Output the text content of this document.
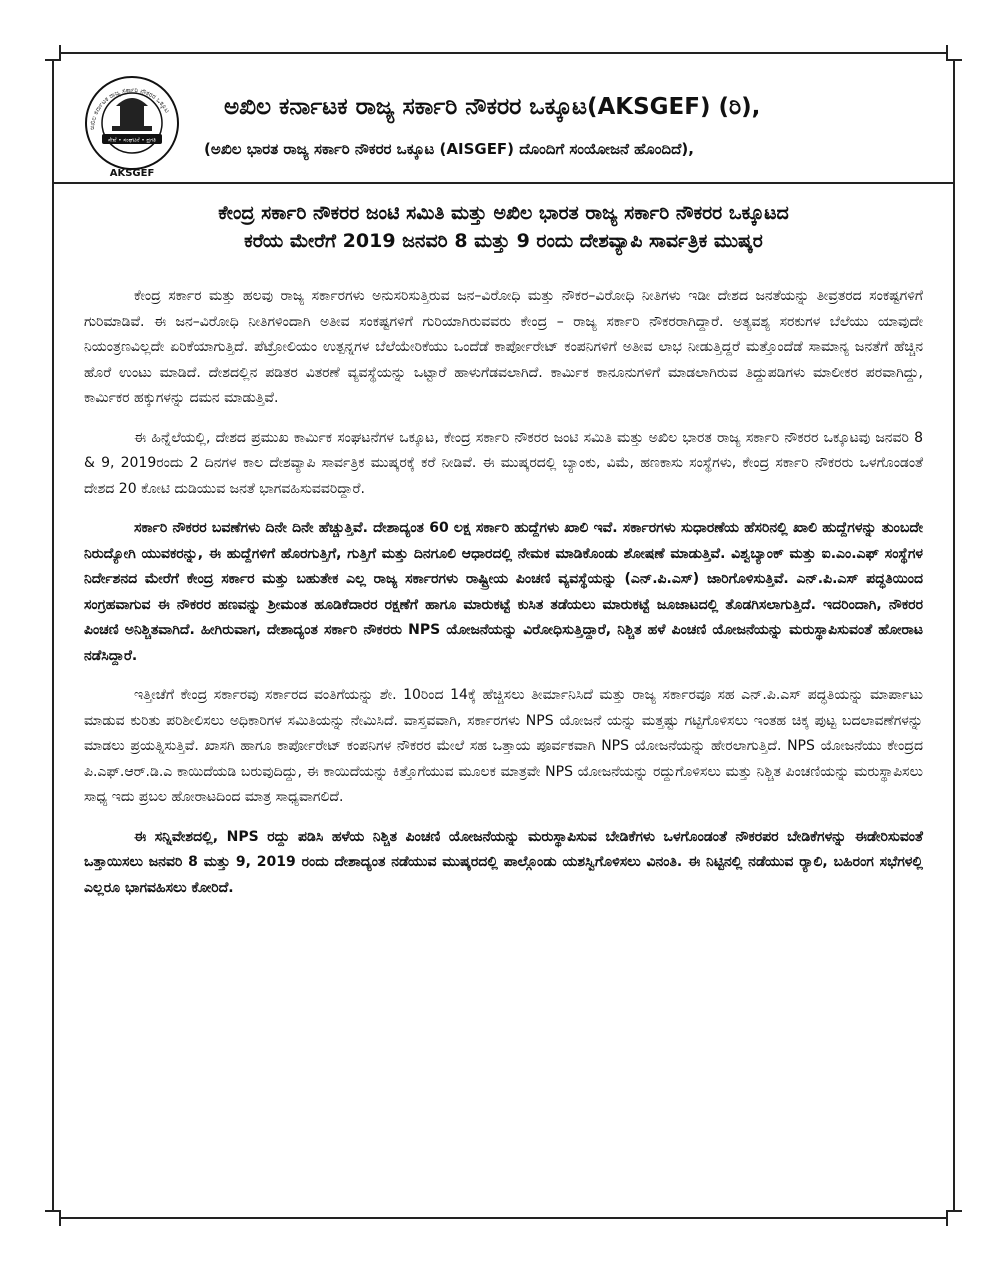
ಅಖಿಲ ಕರ್ನಾಟಕ ರಾಜ್ಯ ಸರ್ಕಾರಿ ನೌಕರರ ಒಕ್ಕೂಟ
ಸೇವೆ • ಸಂಘಟನೆ • ಪ್ರಗತಿ
AKSGEF
ಅಖಿಲ ಕರ್ನಾಟಕ ರಾಜ್ಯ ಸರ್ಕಾರಿ ನೌಕರರ ಒಕ್ಕೂಟ(AKSGEF) (ರಿ),
(ಅಖಿಲ ಭಾರತ ರಾಜ್ಯ ಸರ್ಕಾರಿ ನೌಕರರ ಒಕ್ಕೂಟ (AISGEF) ದೊಂದಿಗೆ ಸಂಯೋಜನೆ ಹೊಂದಿದೆ),
ಕೇಂದ್ರ ಸರ್ಕಾರಿ ನೌಕರರ ಜಂಟಿ ಸಮಿತಿ ಮತ್ತು ಅಖಿಲ ಭಾರತ ರಾಜ್ಯ ಸರ್ಕಾರಿ ನೌಕರರ ಒಕ್ಕೂಟದ
ಕರೆಯ ಮೇರೆಗೆ 2019 ಜನವರಿ 8 ಮತ್ತು 9 ರಂದು ದೇಶವ್ಯಾಪಿ ಸಾರ್ವತ್ರಿಕ ಮುಷ್ಕರ

ಕೇಂದ್ರ ಸರ್ಕಾರ ಮತ್ತು ಹಲವು ರಾಜ್ಯ ಸರ್ಕಾರಗಳು ಅನುಸರಿಸುತ್ತಿರುವ ಜನ–ವಿರೋಧಿ ಮತ್ತು ನೌಕರ–ವಿರೋಧಿ ನೀತಿಗಳು ಇಡೀ ದೇಶದ ಜನತೆಯನ್ನು ತೀವ್ರತರದ ಸಂಕಷ್ಟಗಳಿಗೆ ಗುರಿಮಾಡಿವೆ. ಈ ಜನ–ವಿರೋಧಿ ನೀತಿಗಳಿಂದಾಗಿ ಅತೀವ ಸಂಕಷ್ಟಗಳಿಗೆ ಗುರಿಯಾಗಿರುವವರು ಕೇಂದ್ರ – ರಾಜ್ಯ ಸರ್ಕಾರಿ ನೌಕರರಾಗಿದ್ದಾರೆ. ಅತ್ಯವಶ್ಯ ಸರಕುಗಳ ಬೆಲೆಯು ಯಾವುದೇ ನಿಯಂತ್ರಣವಿಲ್ಲದೇ ಏರಿಕೆಯಾಗುತ್ತಿದೆ. ಪೆಟ್ರೋಲಿಯಂ ಉತ್ಪನ್ನಗಳ ಬೆಲೆಯೇರಿಕೆಯು ಒಂದೆಡೆ ಕಾರ್ಪೋರೇಟ್ ಕಂಪನಿಗಳಿಗೆ ಅತೀವ ಲಾಭ ನೀಡುತ್ತಿದ್ದರೆ ಮತ್ತೊಂದೆಡೆ ಸಾಮಾನ್ಯ ಜನತೆಗೆ ಹೆಚ್ಚಿನ ಹೊರೆ ಉಂಟು ಮಾಡಿದೆ. ದೇಶದಲ್ಲಿನ ಪಡಿತರ ವಿತರಣೆ ವ್ಯವಸ್ಥೆಯನ್ನು ಒಟ್ಟಾರೆ ಹಾಳುಗೆಡವಲಾಗಿದೆ. ಕಾರ್ಮಿಕ ಕಾನೂನುಗಳಿಗೆ ಮಾಡಲಾಗಿರುವ ತಿದ್ದುಪಡಿಗಳು ಮಾಲೀಕರ ಪರವಾಗಿದ್ದು, ಕಾರ್ಮಿಕರ ಹಕ್ಕುಗಳನ್ನು ದಮನ ಮಾಡುತ್ತಿವೆ.

ಈ ಹಿನ್ನೆಲೆಯಲ್ಲಿ, ದೇಶದ ಪ್ರಮುಖ ಕಾರ್ಮಿಕ ಸಂಘಟನೆಗಳ ಒಕ್ಕೂಟ, ಕೇಂದ್ರ ಸರ್ಕಾರಿ ನೌಕರರ ಜಂಟಿ ಸಮಿತಿ ಮತ್ತು ಅಖಿಲ ಭಾರತ ರಾಜ್ಯ ಸರ್ಕಾರಿ ನೌಕರರ ಒಕ್ಕೂಟವು ಜನವರಿ 8 & 9, 2019ರಂದು 2 ದಿನಗಳ ಕಾಲ ದೇಶವ್ಯಾಪಿ ಸಾರ್ವತ್ರಿಕ ಮುಷ್ಕರಕ್ಕೆ ಕರೆ ನೀಡಿವೆ. ಈ ಮುಷ್ಕರದಲ್ಲಿ ಬ್ಯಾಂಕು, ವಿಮೆ, ಹಣಕಾಸು ಸಂಸ್ಥೆಗಳು, ಕೇಂದ್ರ ಸರ್ಕಾರಿ ನೌಕರರು ಒಳಗೊಂಡಂತೆ ದೇಶದ 20 ಕೋಟಿ ದುಡಿಯುವ ಜನತೆ ಭಾಗವಹಿಸುವವರಿದ್ದಾರೆ.

ಸರ್ಕಾರಿ ನೌಕರರ ಬವಣೆಗಳು ದಿನೇ ದಿನೇ ಹೆಚ್ಚುತ್ತಿವೆ. ದೇಶಾದ್ಯಂತ 60 ಲಕ್ಷ ಸರ್ಕಾರಿ ಹುದ್ದೆಗಳು ಖಾಲಿ ಇವೆ. ಸರ್ಕಾರಗಳು ಸುಧಾರಣೆಯ ಹೆಸರಿನಲ್ಲಿ ಖಾಲಿ ಹುದ್ದೆಗಳನ್ನು ತುಂಬದೇ ನಿರುದ್ಯೋಗಿ ಯುವಕರನ್ನು, ಈ ಹುದ್ದೆಗಳಿಗೆ ಹೊರಗುತ್ತಿಗೆ, ಗುತ್ತಿಗೆ ಮತ್ತು ದಿನಗೂಲಿ ಆಧಾರದಲ್ಲಿ ನೇಮಕ ಮಾಡಿಕೊಂಡು ಶೋಷಣೆ ಮಾಡುತ್ತಿವೆ. ವಿಶ್ವಬ್ಯಾಂಕ್ ಮತ್ತು ಐ.ಎಂ.ಎಫ್ ಸಂಸ್ಥೆಗಳ ನಿರ್ದೇಶನದ ಮೇರೆಗೆ ಕೇಂದ್ರ ಸರ್ಕಾರ ಮತ್ತು ಬಹುತೇಕ ಎಲ್ಲ ರಾಜ್ಯ ಸರ್ಕಾರಗಳು ರಾಷ್ಟ್ರೀಯ ಪಿಂಚಣಿ ವ್ಯವಸ್ಥೆಯನ್ನು (ಎನ್.ಪಿ.ಎಸ್) ಜಾರಿಗೊಳಿಸುತ್ತಿವೆ. ಎನ್.ಪಿ.ಎಸ್ ಪದ್ಧತಿಯಿಂದ ಸಂಗ್ರಹವಾಗುವ ಈ ನೌಕರರ ಹಣವನ್ನು ಶ್ರೀಮಂತ ಹೂಡಿಕೆದಾರರ ರಕ್ಷಣೆಗೆ ಹಾಗೂ ಮಾರುಕಟ್ಟೆ ಕುಸಿತ ತಡೆಯಲು ಮಾರುಕಟ್ಟೆ ಜೂಜಾಟದಲ್ಲಿ ತೊಡಗಿಸಲಾಗುತ್ತಿದೆ. ಇದರಿಂದಾಗಿ, ನೌಕರರ ಪಿಂಚಣಿ ಅನಿಶ್ಚಿತವಾಗಿದೆ. ಹೀಗಿರುವಾಗ, ದೇಶಾದ್ಯಂತ ಸರ್ಕಾರಿ ನೌಕರರು NPS ಯೋಜನೆಯನ್ನು ವಿರೋಧಿಸುತ್ತಿದ್ದಾರೆ, ನಿಶ್ಚಿತ ಹಳೆ ಪಿಂಚಣಿ ಯೋಜನೆಯನ್ನು ಮರುಸ್ಥಾಪಿಸುವಂತೆ ಹೋರಾಟ ನಡೆಸಿದ್ದಾರೆ.

ಇತ್ತೀಚೆಗೆ ಕೇಂದ್ರ ಸರ್ಕಾರವು ಸರ್ಕಾರದ ವಂತಿಗೆಯನ್ನು ಶೇ. 10ರಿಂದ 14ಕ್ಕೆ ಹೆಚ್ಚಿಸಲು ತೀರ್ಮಾನಿಸಿದೆ ಮತ್ತು ರಾಜ್ಯ ಸರ್ಕಾರವೂ ಸಹ ಎನ್.ಪಿ.ಎಸ್ ಪದ್ಧತಿಯನ್ನು ಮಾರ್ಪಾಟು ಮಾಡುವ ಕುರಿತು ಪರಿಶೀಲಿಸಲು ಅಧಿಕಾರಿಗಳ ಸಮಿತಿಯನ್ನು ನೇಮಿಸಿದೆ. ವಾಸ್ತವವಾಗಿ, ಸರ್ಕಾರಗಳು NPS ಯೋಜನೆ ಯನ್ನು ಮತ್ತಷ್ಟು ಗಟ್ಟಿಗೊಳಿಸಲು ಇಂತಹ ಚಿಕ್ಕ ಪುಟ್ಟ ಬದಲಾವಣೆಗಳನ್ನು ಮಾಡಲು ಪ್ರಯತ್ನಿಸುತ್ತಿವೆ. ಖಾಸಗಿ ಹಾಗೂ ಕಾರ್ಪೋರೇಟ್ ಕಂಪನಿಗಳ ನೌಕರರ ಮೇಲೆ ಸಹ ಒತ್ತಾಯ ಪೂರ್ವಕವಾಗಿ NPS ಯೋಜನೆಯನ್ನು ಹೇರಲಾಗುತ್ತಿದೆ. NPS ಯೋಜನೆಯು ಕೇಂದ್ರದ ಪಿ.ಎಫ್.ಆರ್.ಡಿ.ಎ ಕಾಯಿದೆಯಡಿ ಬರುವುದಿದ್ದು, ಈ ಕಾಯಿದೆಯನ್ನು ಕಿತ್ತೊಗೆಯುವ ಮೂಲಕ ಮಾತ್ರವೇ NPS ಯೋಜನೆಯನ್ನು ರದ್ದುಗೊಳಿಸಲು ಮತ್ತು ನಿಶ್ಚಿತ ಪಿಂಚಣಿಯನ್ನು ಮರುಸ್ಥಾಪಿಸಲು ಸಾಧ್ಯ ಇದು ಪ್ರಬಲ ಹೋರಾಟದಿಂದ ಮಾತ್ರ ಸಾಧ್ಯವಾಗಲಿದೆ.

ಈ ಸನ್ನಿವೇಶದಲ್ಲಿ, NPS ರದ್ದು ಪಡಿಸಿ ಹಳೆಯ ನಿಶ್ಚಿತ ಪಿಂಚಣಿ ಯೋಜನೆಯನ್ನು ಮರುಸ್ಥಾಪಿಸುವ ಬೇಡಿಕೆಗಳು ಒಳಗೊಂಡಂತೆ ನೌಕರಪರ ಬೇಡಿಕೆಗಳನ್ನು ಈಡೇರಿಸುವಂತೆ ಒತ್ತಾಯಿಸಲು ಜನವರಿ 8 ಮತ್ತು 9, 2019 ರಂದು ದೇಶಾದ್ಯಂತ ನಡೆಯುವ ಮುಷ್ಕರದಲ್ಲಿ ಪಾಲ್ಗೊಂಡು ಯಶಸ್ವಿಗೊಳಿಸಲು ವಿನಂತಿ. ಈ ನಿಟ್ಟಿನಲ್ಲಿ ನಡೆಯುವ ರ‍್ಯಾಲಿ, ಬಹಿರಂಗ ಸಭೆಗಳಲ್ಲಿ ಎಲ್ಲರೂ ಭಾಗವಹಿಸಲು ಕೋರಿದೆ.
